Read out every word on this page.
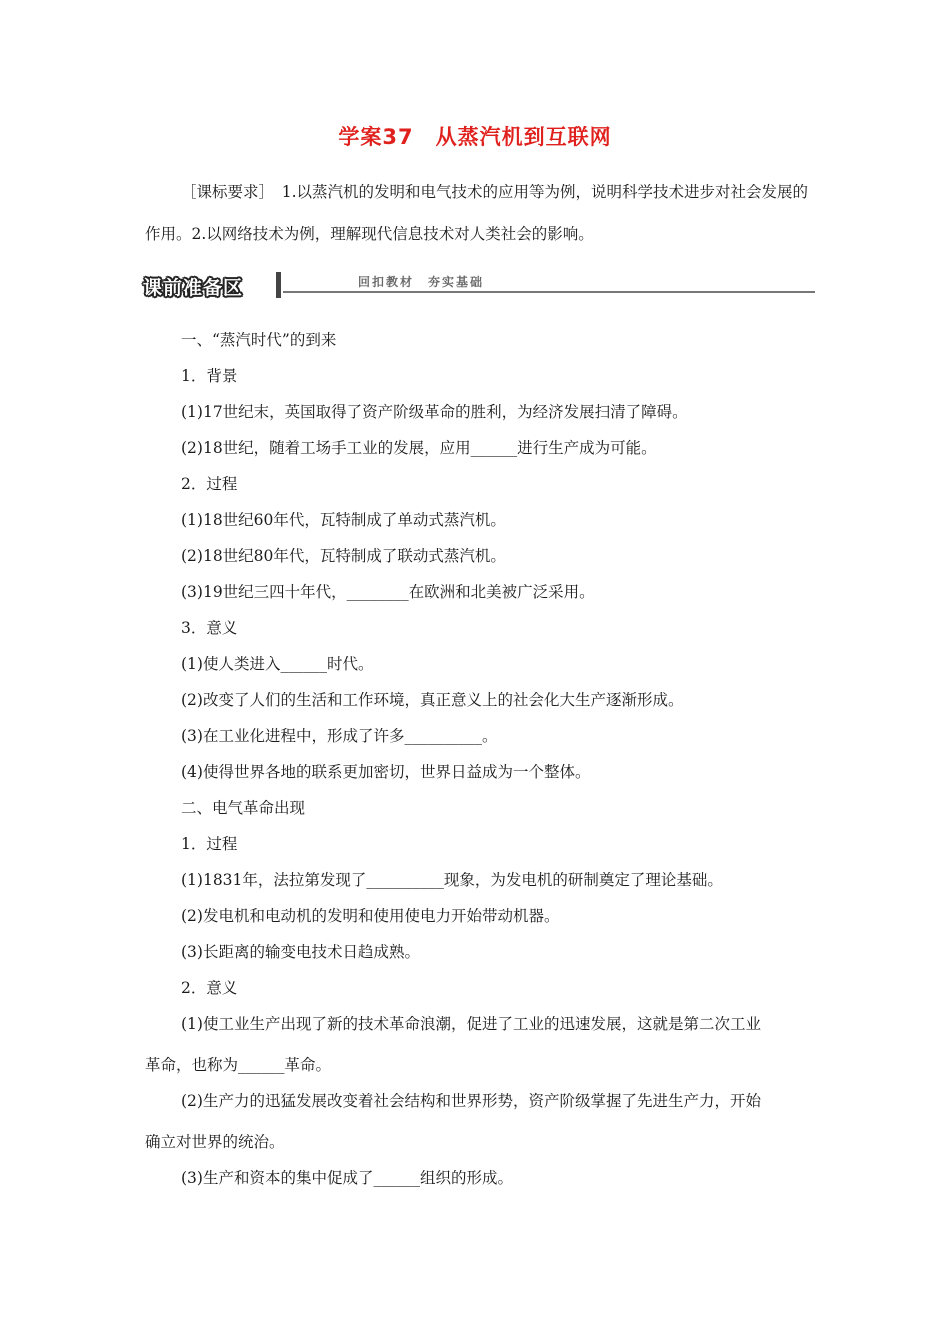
学案37　从蒸汽机到互联网
［课标要求］　1.以蒸汽机的发明和电气技术的应用等为例，说明科学技术进步对社会发展的作用。2.以网络技术为例，理解现代信息技术对人类社会的影响。
课前准备区	回扣教材　夯实基础
一、“蒸汽时代”的到来
1．背景
(1)17世纪末，英国取得了资产阶级革命的胜利，为经济发展扫清了障碍。
(2)18世纪，随着工场手工业的发展，应用______进行生产成为可能。
2．过程
(1)18世纪60年代，瓦特制成了单动式蒸汽机。
(2)18世纪80年代，瓦特制成了联动式蒸汽机。
(3)19世纪三四十年代，________在欧洲和北美被广泛采用。
3．意义
(1)使人类进入______时代。
(2)改变了人们的生活和工作环境，真正意义上的社会化大生产逐渐形成。
(3)在工业化进程中，形成了许多__________。
(4)使得世界各地的联系更加密切，世界日益成为一个整体。
二、电气革命出现
1．过程
(1)1831年，法拉第发现了__________现象，为发电机的研制奠定了理论基础。
(2)发电机和电动机的发明和使用使电力开始带动机器。
(3)长距离的输变电技术日趋成熟。
2．意义
(1)使工业生产出现了新的技术革命浪潮，促进了工业的迅速发展，这就是第二次工业
革命，也称为______革命。
(2)生产力的迅猛发展改变着社会结构和世界形势，资产阶级掌握了先进生产力，开始
确立对世界的统治。
(3)生产和资本的集中促成了______组织的形成。
